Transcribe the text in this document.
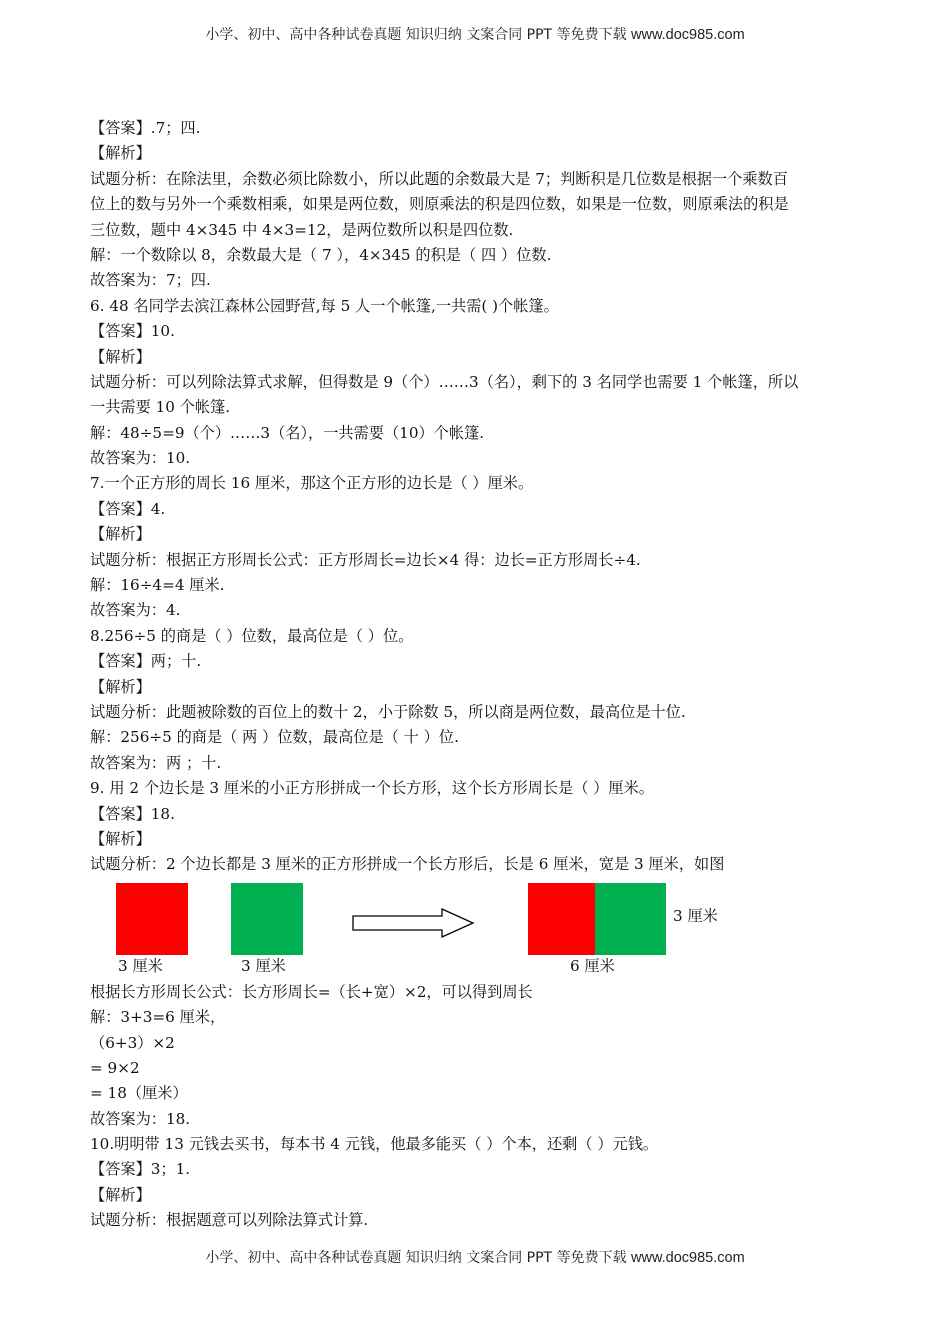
小学、初中、高中各种试卷真题 知识归纳 文案合同 PPT 等免费下载 www.doc985.com
【答案】.7；四.
【解析】
试题分析：在除法里，余数必须比除数小，所以此题的余数最大是 7；判断积是几位数是根据一个乘数百
位上的数与另外一个乘数相乘，如果是两位数，则原乘法的积是四位数，如果是一位数，则原乘法的积是
三位数，题中 4×345 中 4×3=12，是两位数所以积是四位数.
解：一个数除以 8，余数最大是（ 7 ），4×345 的积是（ 四 ）位数.
故答案为：7；四.
6. 48 名同学去滨江森林公园野营,每 5 人一个帐篷,一共需( )个帐篷。
【答案】10.
【解析】
试题分析：可以列除法算式求解，但得数是 9（个）……3（名），剩下的 3 名同学也需要 1 个帐篷，所以
一共需要 10 个帐篷.
解：48÷5=9（个）……3（名），一共需要（10）个帐篷.
故答案为：10.
7.一个正方形的周长 16 厘米，那这个正方形的边长是（ ）厘米。
【答案】4.
【解析】
试题分析：根据正方形周长公式：正方形周长=边长×4 得：边长=正方形周长÷4.
解：16÷4=4 厘米.
故答案为：4.
8.256÷5 的商是（ ）位数，最高位是（ ）位。
【答案】两；十.
【解析】
试题分析：此题被除数的百位上的数十 2，小于除数 5，所以商是两位数，最高位是十位.
解：256÷5 的商是（ 两 ）位数，最高位是（ 十 ）位.
故答案为：两 ；十.
9. 用 2 个边长是 3 厘米的小正方形拼成一个长方形，这个长方形周长是（ ）厘米。
【答案】18.
【解析】
试题分析：2 个边长都是 3 厘米的正方形拼成一个长方形后，长是 6 厘米，宽是 3 厘米，如图
3 厘米	3 厘米	6 厘米
3 厘米
根据长方形周长公式：长方形周长=（长+宽）×2，可以得到周长
解：3+3=6 厘米，
（6+3）×2
= 9×2
= 18（厘米）
故答案为：18.
10.明明带 13 元钱去买书，每本书 4 元钱，他最多能买（ ）个本，还剩（ ）元钱。
【答案】3；1.
【解析】
试题分析：根据题意可以列除法算式计算.
小学、初中、高中各种试卷真题 知识归纳 文案合同 PPT 等免费下载 www.doc985.com
